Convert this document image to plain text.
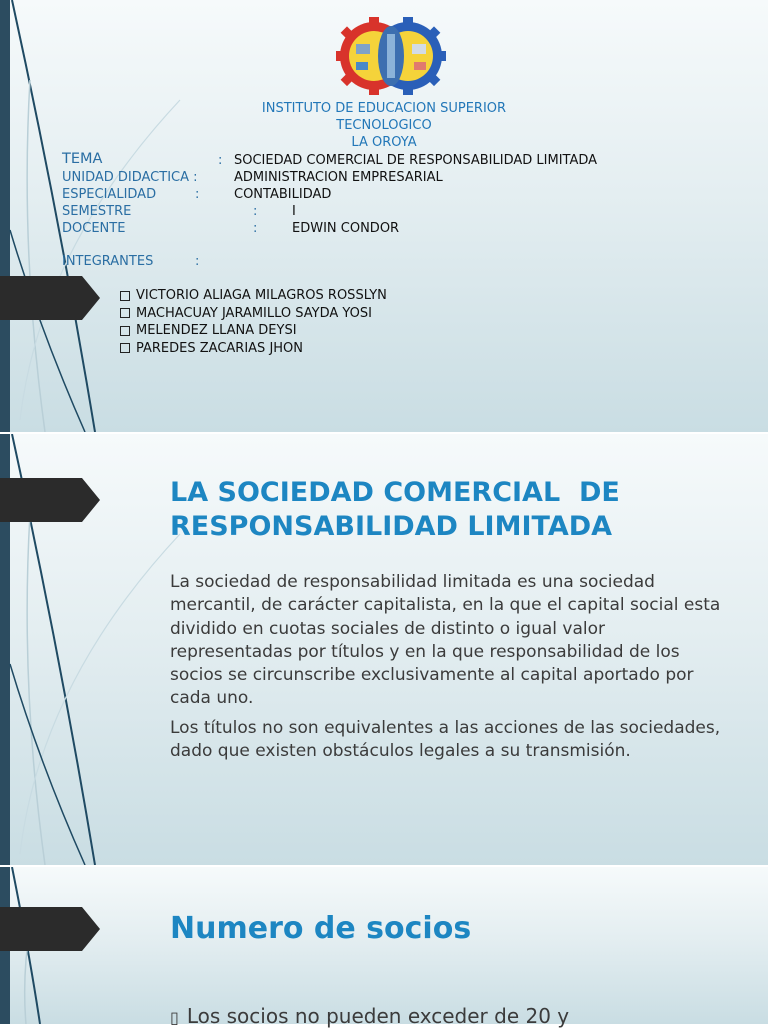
INSTITUTO DE EDUCACION SUPERIOR
TECNOLOGICO
LA OROYA
TEMA	: SOCIEDAD COMERCIAL DE RESPONSABILIDAD LIMITADA
UNIDAD DIDACTICA :	ADMINISTRACION EMPRESARIAL
ESPECIALIDAD	:	CONTABILIDAD
SEMESTRE	:	I
DOCENTE	:	EDWIN CONDOR
INTEGRANTES	:
VICTORIO ALIAGA MILAGROS ROSSLYN
MACHACUAY JARAMILLO SAYDA YOSI
MELENDEZ LLANA DEYSI
PAREDES ZACARIAS JHON
LA SOCIEDAD COMERCIAL  DE
RESPONSABILIDAD LIMITADA

La sociedad de responsabilidad limitada es una sociedad mercantil, de carácter capitalista, en la que el capital social esta dividido en cuotas sociales de distinto o igual valor representadas por títulos y en la que responsabilidad de los socios se circunscribe exclusivamente al capital aportado por cada uno.

Los títulos no son equivalentes a las acciones de las sociedades, dado que existen obstáculos legales a su transmisión.

Numero de socios
▯ Los socios no pueden exceder de 20 y
